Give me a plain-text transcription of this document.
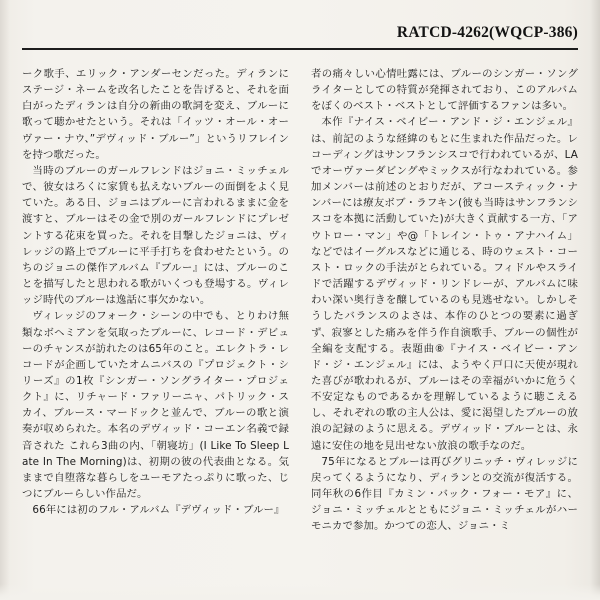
RATCD-4262(WQCP-386)

ーク歌手、エリック・アンダーセンだった。ディランに ステージ・ネームを改名したことを告げると、それを面白がったディランは自分の新曲の歌詞を変え、ブルーに歌って聴かせたという。それは「イッツ・オール・オーヴァー・ナウ、”デヴィッド・ブルー”」というリフレインを持つ歌だった。

当時のブルーのガールフレンドはジョニ・ミッチェルで、彼女はろくに家賃も払えないブルーの面倒をよく見ていた。ある日、ジョニはブルーに言われるままに金を渡すと、ブルーはその金で別のガールフレンドにプレゼントする花束を買った。それを目撃したジョニは、ヴィレッジの路上でブルーに平手打ちを食わせたという。のちのジョニの傑作アルバム『ブルー』には、ブルーのことを描写したと思われる歌がいくつも登場する。ヴィレッジ時代のブルーは逸話に事欠かない。

ヴィレッジのフォーク・シーンの中でも、とりわけ無類なボヘミアンを気取ったブルーに、レコード・デビューのチャンスが訪れたのは65年のこと。エレクトラ・レコードが企画していたオムニバスの『プロジェクト・シリーズ』の1枚『シンガー・ソングライター・プロジェクト』に、リチャード・ファリーニャ、パトリック・スカイ、ブルース・マードックと並んで、ブルーの歌と演奏が収められた。本名のデヴィッド・コーエン名義で録音された これら3曲の内、「朝寝坊」(I Like To Sleep Late In The Morning)は、初期の彼の代表曲となる。気ままで自堕落な暮らしをユーモアたっぷりに歌った、じつにブルーらしい作品だ。

66年には初のフル・アルバム『デヴィッド・ブルー』

者の痛々しい心情吐露には、ブルーのシンガー・ソングライターとしての特質が発揮されており、このアルバムをぼくのベスト・ベストとして評価するファンは多い。

本作『ナイス・ベイビー・アンド・ジ・エンジェル』は、前記のような経緯のもとに生まれた作品だった。レコーディングはサンフランシスコで行われているが、LAでオーヴァーダビングやミックスが行なわれている。参加メンバーは前述のとおりだが、アコースティック・ナンバーには療友ボブ・ラフキン(彼も当時はサンフランシスコを本拠に活動していた)が大きく貢献する一方、「アウトロー・マン」や@「トレイン・トゥ・アナハイム」などではイーグルスなどに通じる、時のウェスト・コースト・ロックの手法がとられている。フィドルやスライドで活躍するデヴィッド・リンドレーが、アルバムに味わい深い奥行きを醸しているのも見逃せない。しかしそうしたバランスのよさは、本作のひとつの要素に過ぎず、寂寥とした痛みを伴う作自演歌手、ブルーの個性が全編を支配する。表題曲⑧『ナイス・ベイビー・アンド・ジ・エンジェル』には、ようやく戸口に天使が現れた喜びが歌われるが、ブルーはその幸福がいかに危うく不安定なものであるかを理解しているように聴こえるし、それぞれの歌の主人公は、愛に渇望したブルーの放浪の記録のように思える。デヴィッド・ブルーとは、永遠に安住の地を見出せない放浪の歌手なのだ。

75年になるとブルーは再びグリニッチ・ヴィレッジに戻ってくるようになり、ディランとの交流が復活する。同年秋の6作目『カミン・バック・フォー・モア』に、ジョニ・ミッチェルとともにジョニ・ミッチェルがハーモニカで参加。かつての恋人、ジョニ・ミ
